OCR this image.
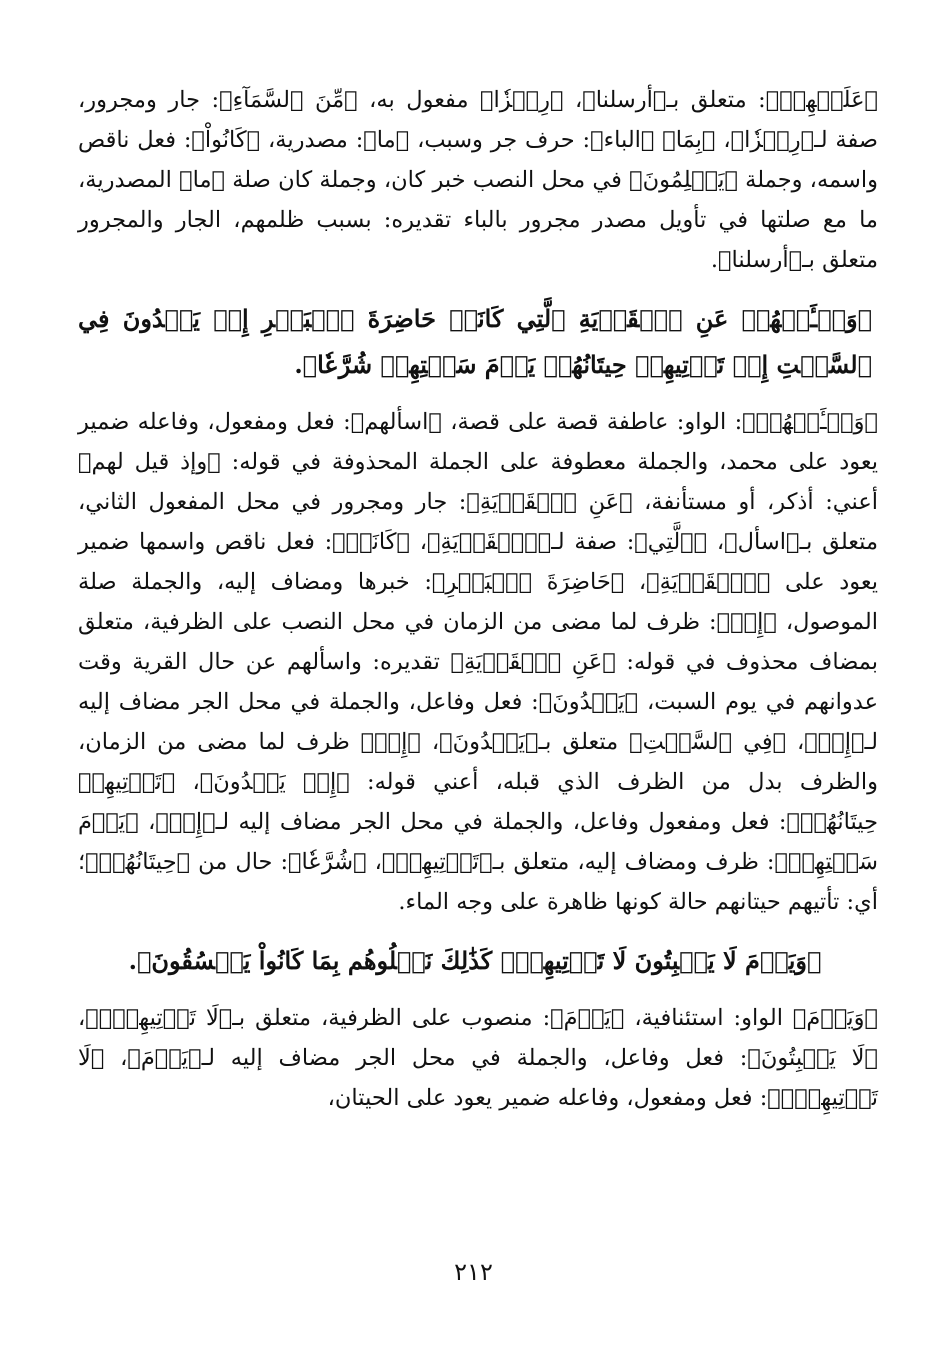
﴿عَلَيۡهِمۡ﴾: متعلق بـ﴿أرسلنا﴾، ﴿رِجۡزٗا﴾ مفعول به، ﴿مِّنَ ٱلسَّمَآءِ﴾: جار ومجرور، صفة لـ﴿رِجۡزٗا﴾، ﴿بِمَا﴾ ﴿الباء﴾: حرف جر وسبب، ﴿ما﴾: مصدرية، ﴿كَانُواْ﴾: فعل ناقص واسمه، وجملة ﴿يَظۡلِمُونَ﴾ في محل النصب خبر كان، وجملة كان صلة ﴿ما﴾ المصدرية، ما مع صلتها في تأويل مصدر مجرور بالباء تقديره: بسبب ظلمهم، الجار والمجرور متعلق بـ﴿أرسلنا﴾.

﴿وَسۡـَٔلۡهُمۡ عَنِ ٱلۡقَرۡيَةِ ٱلَّتِي كَانَتۡ حَاضِرَةَ ٱلۡبَحۡرِ إِذۡ يَعۡدُونَ فِي ٱلسَّبۡتِ إِذۡ تَأۡتِيهِمۡ حِيتَانُهُمۡ يَوۡمَ سَبۡتِهِمۡ شُرَّعٗا﴾.

﴿وَسۡـَٔلۡهُمۡ﴾: الواو: عاطفة قصة على قصة، ﴿اسألهم﴾: فعل ومفعول، وفاعله ضمير يعود على محمد، والجملة معطوفة على الجملة المحذوفة في قوله: ﴿وإذ قيل لهم﴾ أعني: أذكر، أو مستأنفة، ﴿عَنِ ٱلۡقَرۡيَةِ﴾: جار ومجرور في محل المفعول الثاني، متعلق بـ﴿اسأل﴾، ﴿ٱلَّتِي﴾: صفة لـ﴿ٱلۡقَرۡيَةِ﴾، ﴿كَانَتۡ﴾: فعل ناقص واسمها ضمير يعود على ﴿ٱلۡقَرۡيَةِ﴾، ﴿حَاضِرَةَ ٱلۡبَحۡرِ﴾: خبرها ومضاف إليه، والجملة صلة الموصول، ﴿إِذۡ﴾: ظرف لما مضى من الزمان في محل النصب على الظرفية، متعلق بمضاف محذوف في قوله: ﴿عَنِ ٱلۡقَرۡيَةِ﴾ تقديره: واسألهم عن حال القرية وقت عدوانهم في يوم السبت، ﴿يَعۡدُونَ﴾: فعل وفاعل، والجملة في محل الجر مضاف إليه لـ﴿إِذۡ﴾، ﴿فِي ٱلسَّبۡتِ﴾ متعلق بـ﴿يَعۡدُونَ﴾، ﴿إِذۡ﴾ ظرف لما مضى من الزمان، والظرف بدل من الظرف الذي قبله، أعني قوله: ﴿إِذۡ يَعۡدُونَ﴾، ﴿تَأۡتِيهِمۡ حِيتَانُهُمۡ﴾: فعل ومفعول وفاعل، والجملة في محل الجر مضاف إليه لـ﴿إِذۡ﴾، ﴿يَوۡمَ سَبۡتِهِمۡ﴾: ظرف ومضاف إليه، متعلق بـ﴿تَأۡتِيهِمۡ﴾، ﴿شُرَّعٗا﴾: حال من ﴿حِيتَانُهُمۡ﴾؛ أي: تأتيهم حيتانهم حالة كونها ظاهرة على وجه الماء.

﴿وَيَوۡمَ لَا يَسۡبِتُونَ لَا تَأۡتِيهِمۡۚ كَذَٰلِكَ نَبۡلُوهُم بِمَا كَانُواْ يَفۡسُقُونَ﴾.

﴿وَيَوۡمَ﴾ الواو: استئنافية، ﴿يَوۡمَ﴾: منصوب على الظرفية، متعلق بـ﴿لَا تَأۡتِيهِمۡۚ﴾، ﴿لَا يَسۡبِتُونَ﴾: فعل وفاعل، والجملة في محل الجر مضاف إليه لـ﴿يَوۡمَ﴾، ﴿لَا تَأۡتِيهِمۡۚ﴾: فعل ومفعول، وفاعله ضمير يعود على الحيتان،

٢١٢
